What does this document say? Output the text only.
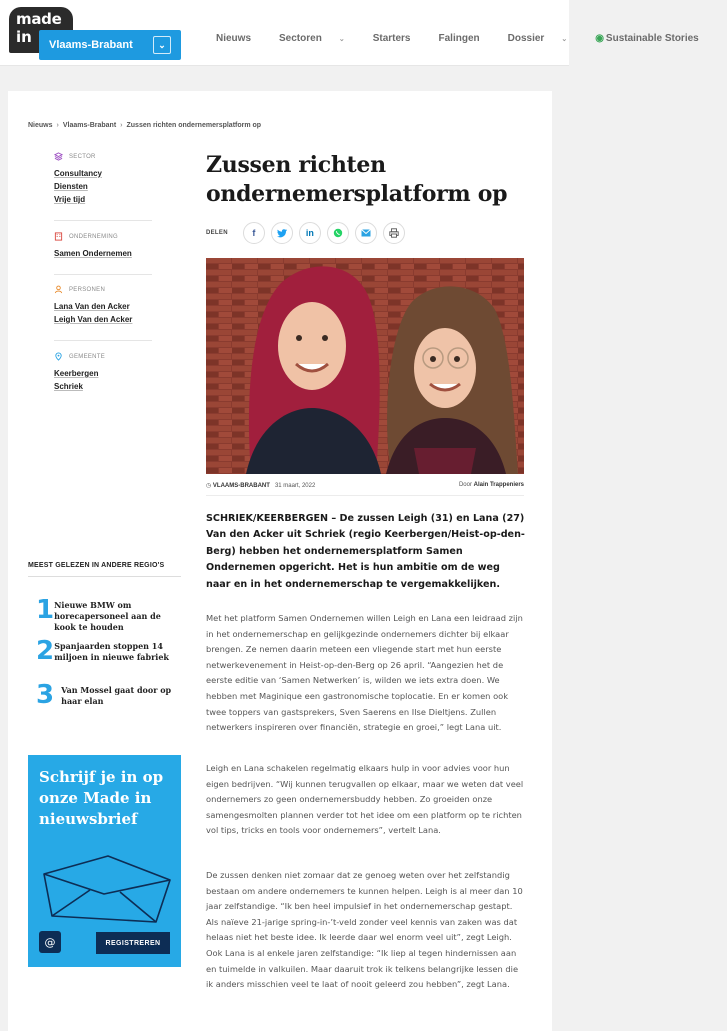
made
in Vlaams-Brabant	⌄
Nieuws	Sectoren ⌄	Starters	Falingen	Dossier ⌄	◉ Sustainable Stories
Nieuws › Vlaams-Brabant › Zussen richten ondernemersplatform op
SECTOR
Consultancy
Diensten
Vrije tijd
ONDERNEMING
Samen Ondernemen
PERSONEN
Lana Van den Acker
Leigh Van den Acker
GEMEENTE
Keerbergen
Schriek
MEEST GELEZEN IN ANDERE REGIO'S
1 Nieuwe BMW om horecapersoneel aan de kook te houden
2 Spanjaarden stoppen 14 miljoen in nieuwe fabriek
3 Van Mossel gaat door op haar elan
Schrijf je in op onze Made in nieuwsbrief
@	REGISTREREN
Zussen richten ondernemersplatform op
DELEN	f	in
◷ VLAAMS-BRABANT 31 maart, 2022	Door Alain Trappeniers

SCHRIEK/KEERBERGEN – De zussen Leigh (31) en Lana (27) Van den Acker uit Schriek (regio Keerbergen/Heist-op-den-Berg) hebben het ondernemersplatform Samen Ondernemen opgericht. Het is hun ambitie om de weg naar en in het ondernemerschap te vergemakkelijken.

Met het platform Samen Ondernemen willen Leigh en Lana een leidraad zijn in het ondernemerschap en gelijkgezinde ondernemers dichter bij elkaar brengen. Ze nemen daarin meteen een vliegende start met hun eerste netwerkevenement in Heist-op-den-Berg op 26 april. “Aangezien het de eerste editie van ‘Samen Netwerken’ is, wilden we iets extra doen. We hebben met Maginique een gastronomische toplocatie. En er komen ook twee toppers van gastsprekers, Sven Saerens en Ilse Dieltjens. Zullen netwerkers inspireren over financiën, strategie en groei,” legt Lana uit.

Leigh en Lana schakelen regelmatig elkaars hulp in voor advies voor hun eigen bedrijven. “Wij kunnen terugvallen op elkaar, maar we weten dat veel ondernemers zo geen ondernemersbuddy hebben. Zo groeiden onze samengesmolten plannen verder tot het idee om een platform op te richten vol tips, tricks en tools voor ondernemers”, vertelt Lana.

De zussen denken niet zomaar dat ze genoeg weten over het zelfstandig bestaan om andere ondernemers te kunnen helpen. Leigh is al meer dan 10 jaar zelfstandige. “Ik ben heel impulsief in het ondernemerschap gestapt. Als naïeve 21-jarige spring-in-’t-veld zonder veel kennis van zaken was dat helaas niet het beste idee. Ik leerde daar wel enorm veel uit”, zegt Leigh. Ook Lana is al enkele jaren zelfstandige: “Ik liep al tegen hindernissen aan en tuimelde in valkuilen. Maar daaruit trok ik telkens belangrijke lessen die ik anders misschien veel te laat of nooit geleerd zou hebben”, zegt Lana.
